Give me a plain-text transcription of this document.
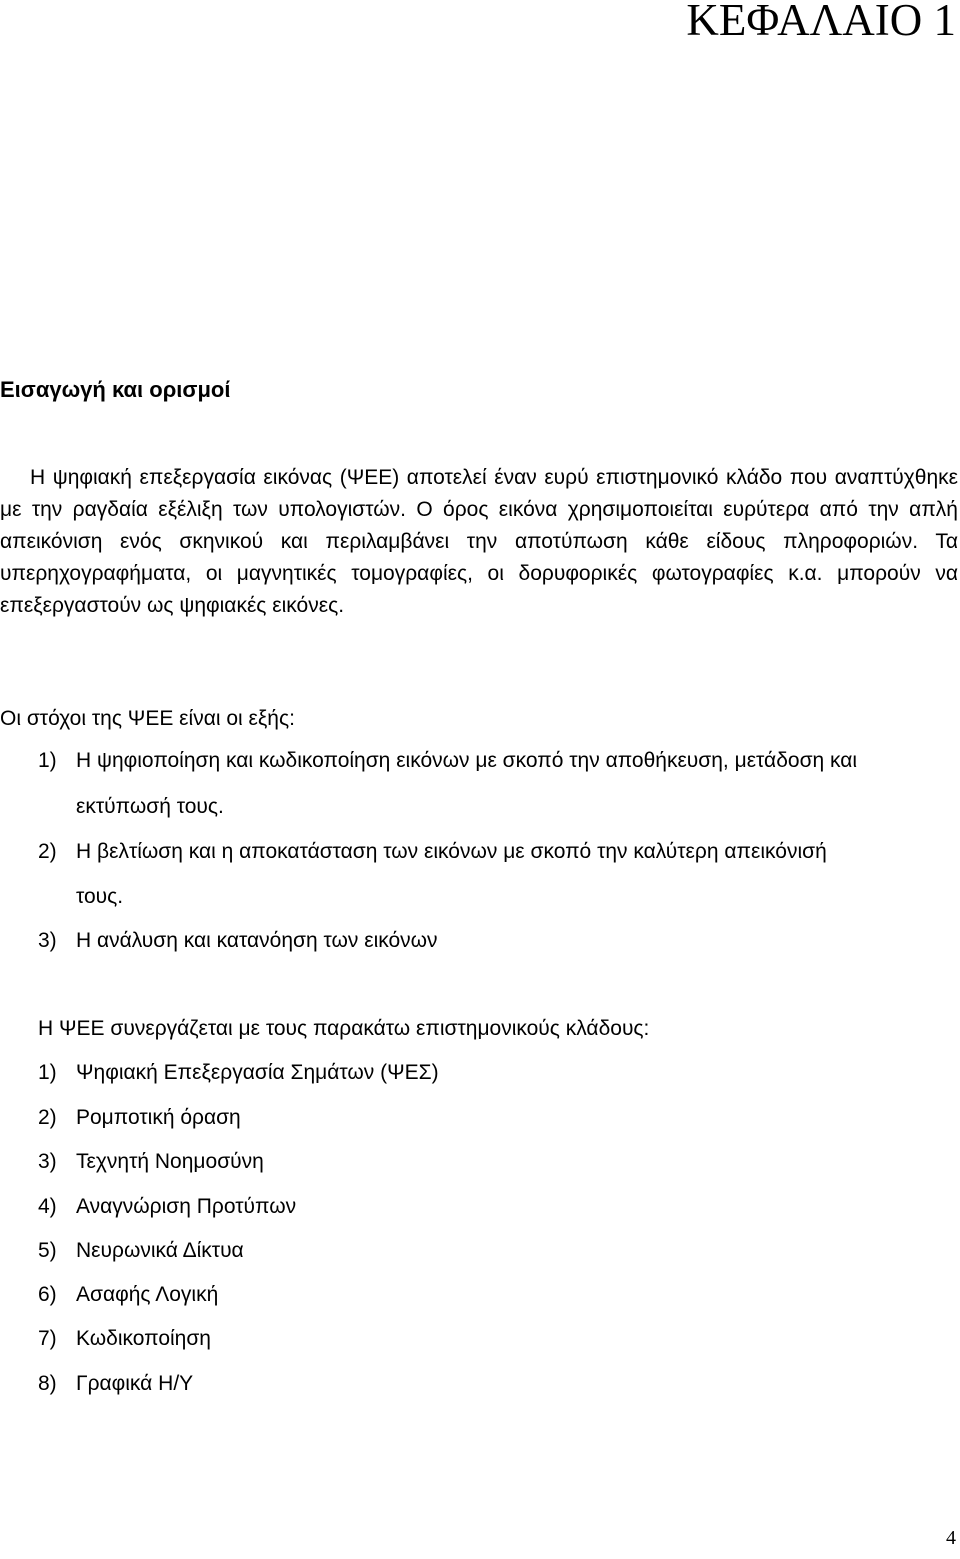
ΚΕΦΑΛΑΙΟ 1
Εισαγωγή και ορισμοί

Η ψηφιακή επεξεργασία εικόνας (ΨΕΕ) αποτελεί έναν ευρύ επιστημονικό κλάδο που αναπτύχθηκε με την ραγδαία εξέλιξη των υπολογιστών. Ο όρος εικόνα χρησιμοποιείται ευρύτερα από την απλή απεικόνιση ενός σκηνικού και περιλαμβάνει την αποτύπωση κάθε είδους πληροφοριών. Τα υπερηχογραφήματα, οι μαγνητικές τομογραφίες, οι δορυφορικές φωτογραφίες κ.α. μπορούν να επεξεργαστούν ως ψηφιακές εικόνες.

Οι στόχοι της ΨΕΕ είναι οι εξής:

1) Η ψηφιοποίηση και κωδικοποίηση εικόνων με σκοπό την αποθήκευση, μετάδοση και
εκτύπωσή τους.
2) Η βελτίωση και η αποκατάσταση των εικόνων με σκοπό την καλύτερη απεικόνισή
τους.
3) Η ανάλυση και κατανόηση των εικόνων

Η ΨΕΕ συνεργάζεται με τους παρακάτω επιστημονικούς κλάδους:

1) Ψηφιακή Επεξεργασία Σημάτων (ΨΕΣ)
2) Ρομποτική όραση
3) Τεχνητή Νοημοσύνη
4) Αναγνώριση Προτύπων
5) Νευρωνικά Δίκτυα
6) Ασαφής Λογική
7) Κωδικοποίηση
8) Γραφικά Η/Υ

4
